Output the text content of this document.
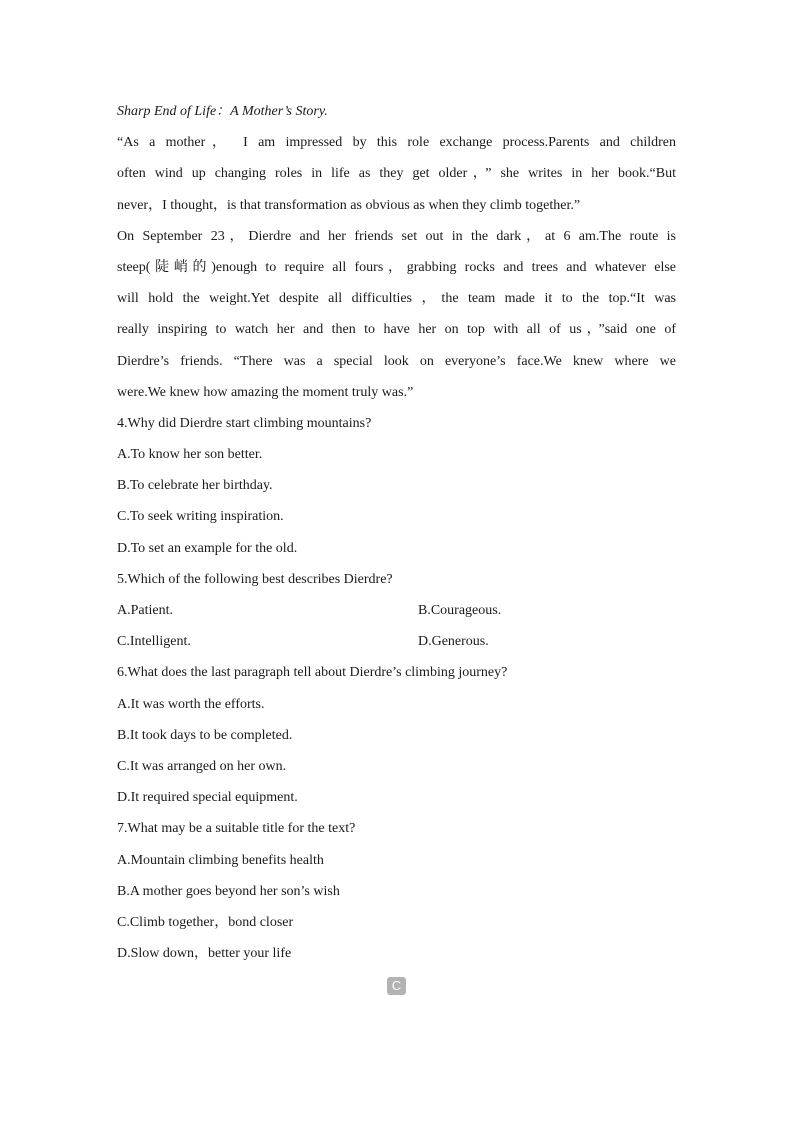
Sharp End of Life：A Mother’s Story.
“As a mother， I am impressed by this role exchange process.Parents and children
often wind up changing roles in life as they get older，” she writes in her book.“But
never，I thought，is that transformation as obvious as when they climb together.”
On September 23，Dierdre and her friends set out in the dark，at 6 am.The route is
steep(陡峭的)enough to require all fours，grabbing rocks and trees and whatever else
will hold the weight.Yet despite all difficulties ，the team made it to the top.“It was
really inspiring to watch her and then to have her on top with all of us，”said one of
Dierdre’s friends. “There was a special look on everyone’s face.We knew where we
were.We knew how amazing the moment truly was.”
4.Why did Dierdre start climbing mountains?
A.To know her son better.
B.To celebrate her birthday.
C.To seek writing inspiration.
D.To set an example for the old.
5.Which of the following best describes Dierdre?
A.Patient.	B.Courageous.
C.Intelligent.	D.Generous.
6.What does the last paragraph tell about Dierdre’s climbing journey?
A.It was worth the efforts.
B.It took days to be completed.
C.It was arranged on her own.
D.It required special equipment.
7.What may be a suitable title for the text?
A.Mountain climbing benefits health
B.A mother goes beyond her son’s wish
C.Climb together，bond closer
D.Slow down，better your life
C
